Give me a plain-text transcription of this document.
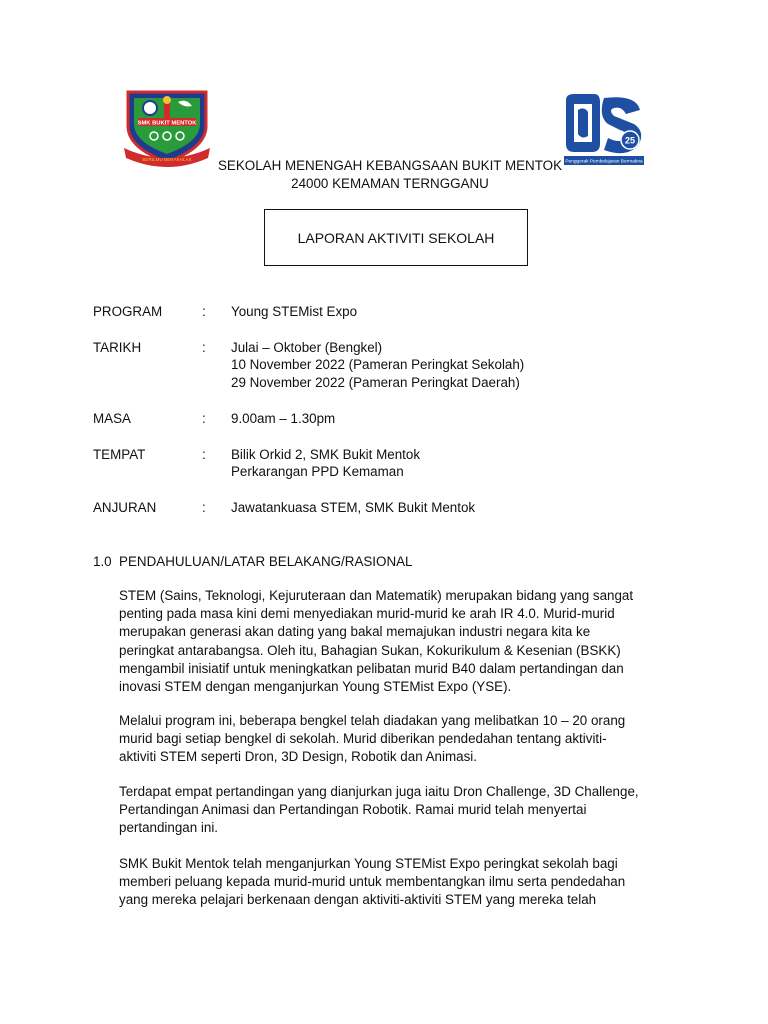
SMK BUKIT MENTOK
BERILMU BERAKHLAK
25
Penggerak Pembelajaran Bermakna
SEKOLAH MENENGAH KEBANGSAAN BUKIT MENTOK
24000 KEMAMAN TERNGGANU
LAPORAN AKTIVITI SEKOLAH
PROGRAM	: Young STEMist Expo
TARIKH	: Julai – Oktober (Bengkel)
10 November 2022 (Pameran Peringkat Sekolah)
29 November 2022 (Pameran Peringkat Daerah)
MASA	: 9.00am – 1.30pm
TEMPAT	: Bilik Orkid 2, SMK Bukit Mentok
Perkarangan PPD Kemaman
ANJURAN	: Jawatankuasa STEM, SMK Bukit Mentok
1.0  PENDAHULUAN/LATAR BELAKANG/RASIONAL
STEM (Sains, Teknologi, Kejuruteraan dan Matematik) merupakan bidang yang sangat
penting pada masa kini demi menyediakan murid-murid ke arah IR 4.0. Murid-murid
merupakan generasi akan dating yang bakal memajukan industri negara kita ke
peringkat antarabangsa. Oleh itu, Bahagian Sukan, Kokurikulum & Kesenian (BSKK)
mengambil inisiatif untuk meningkatkan pelibatan murid B40 dalam pertandingan dan
inovasi STEM dengan menganjurkan Young STEMist Expo (YSE).
Melalui program ini, beberapa bengkel telah diadakan yang melibatkan 10 – 20 orang
murid bagi setiap bengkel di sekolah. Murid diberikan pendedahan tentang aktiviti-
aktiviti STEM seperti Dron, 3D Design, Robotik dan Animasi.
Terdapat empat pertandingan yang dianjurkan juga iaitu Dron Challenge, 3D Challenge,
Pertandingan Animasi dan Pertandingan Robotik. Ramai murid telah menyertai
pertandingan ini.
SMK Bukit Mentok telah menganjurkan Young STEMist Expo peringkat sekolah bagi
memberi peluang kepada murid-murid untuk membentangkan ilmu serta pendedahan
yang mereka pelajari berkenaan dengan aktiviti-aktiviti STEM yang mereka telah
